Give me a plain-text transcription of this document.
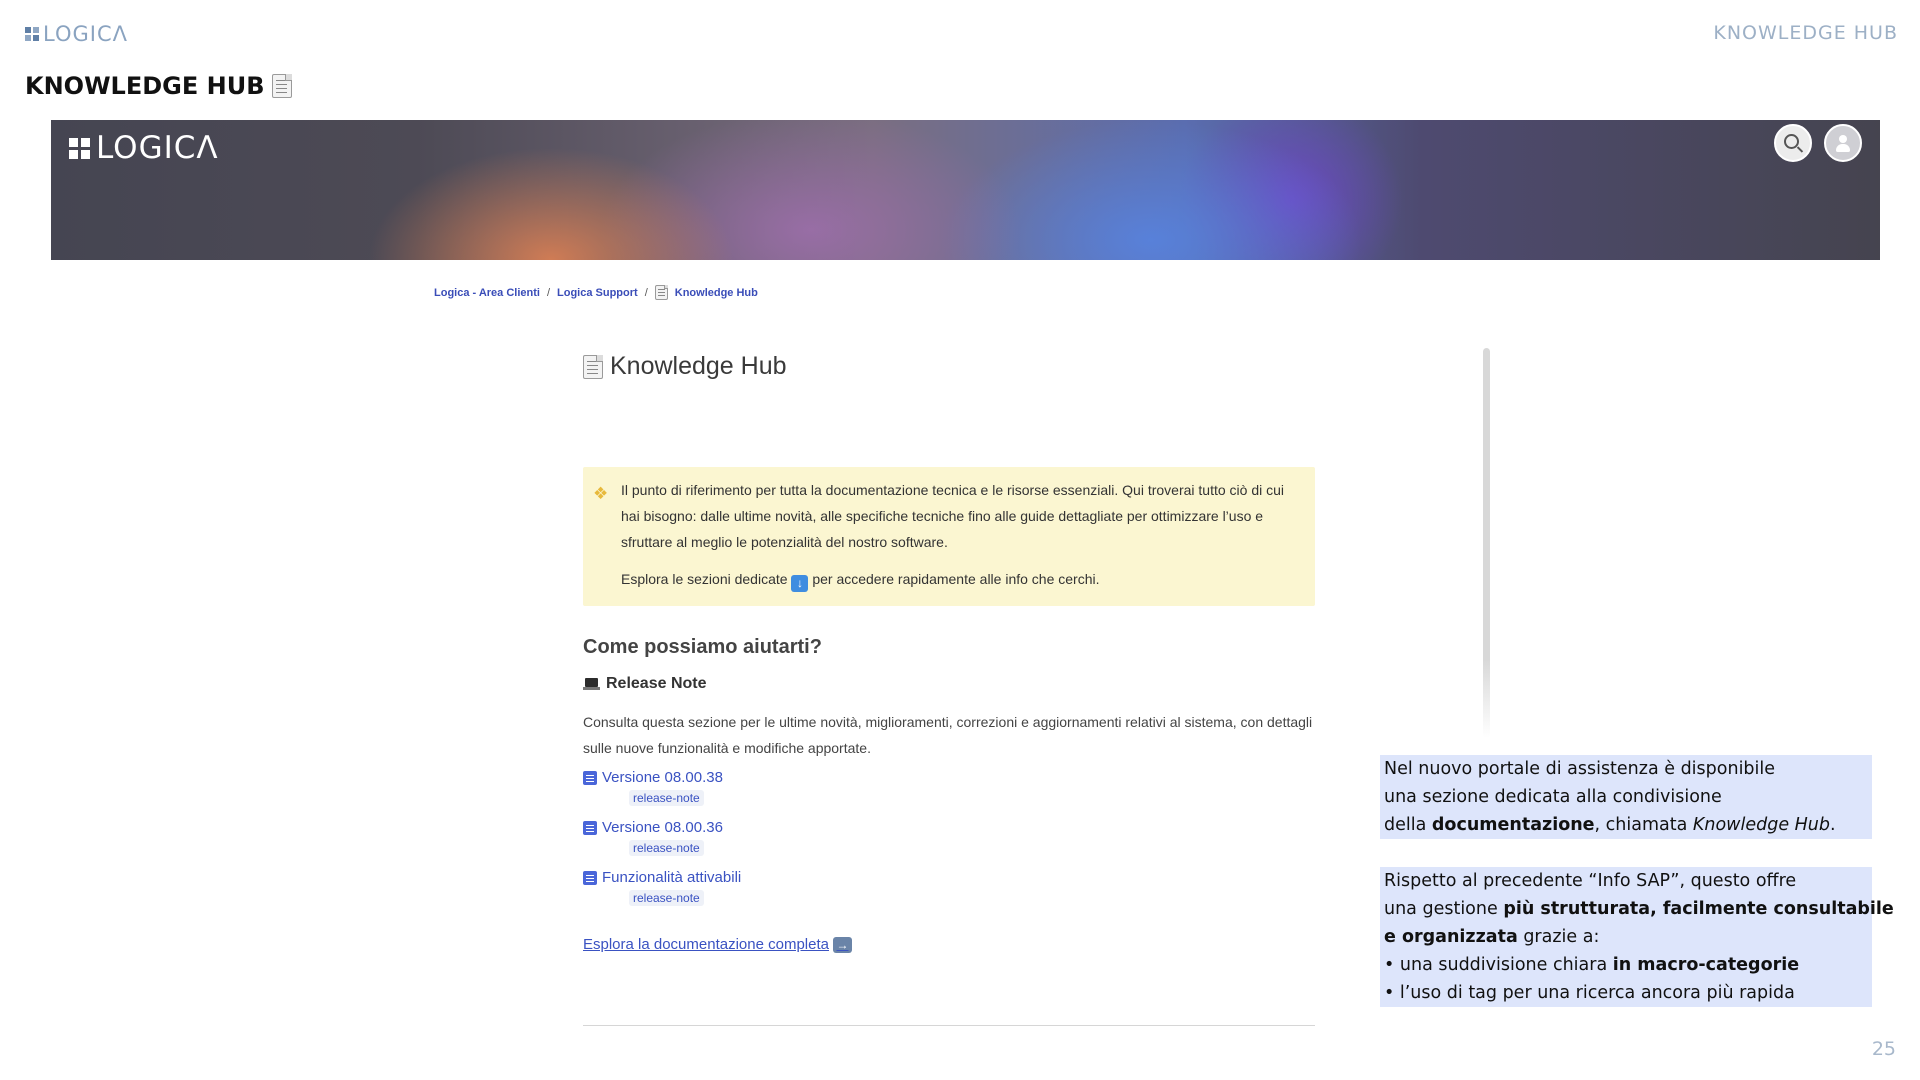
LOGICΛ	KNOWLEDGE HUB
KNOWLEDGE HUB
LOGICΛ
Logica - Area Clienti / Logica Support / Knowledge Hub
Knowledge Hub
❖ Il punto di riferimento per tutta la documentazione tecnica e le risorse essenziali. Qui troverai tutto ciò di cui hai bisogno: dalle ultime novità, alle specifiche tecniche fino alle guide dettagliate per ottimizzare l’uso e sfruttare al meglio le potenzialità del nostro software.

Esplora le sezioni dedicate ↓ per accedere rapidamente alle info che cerchi.

Come possiamo aiutarti?
Release Note
Consulta questa sezione per le ultime novità, miglioramenti, correzioni e aggiornamenti relativi al sistema, con dettagli sulle nuove funzionalità e modifiche apportate.
Versione 08.00.38
release-note
Versione 08.00.36
release-note
Funzionalità attivabili
release-note
Esplora la documentazione completa →
Nel nuovo portale di assistenza è disponibile
una sezione dedicata alla condivisione
della documentazione, chiamata Knowledge Hub.
Rispetto al precedente “Info SAP”, questo offre
una gestione più strutturata, facilmente consultabile
e organizzata grazie a:
• una suddivisione chiara in macro-categorie
• l’uso di tag per una ricerca ancora più rapida
25
